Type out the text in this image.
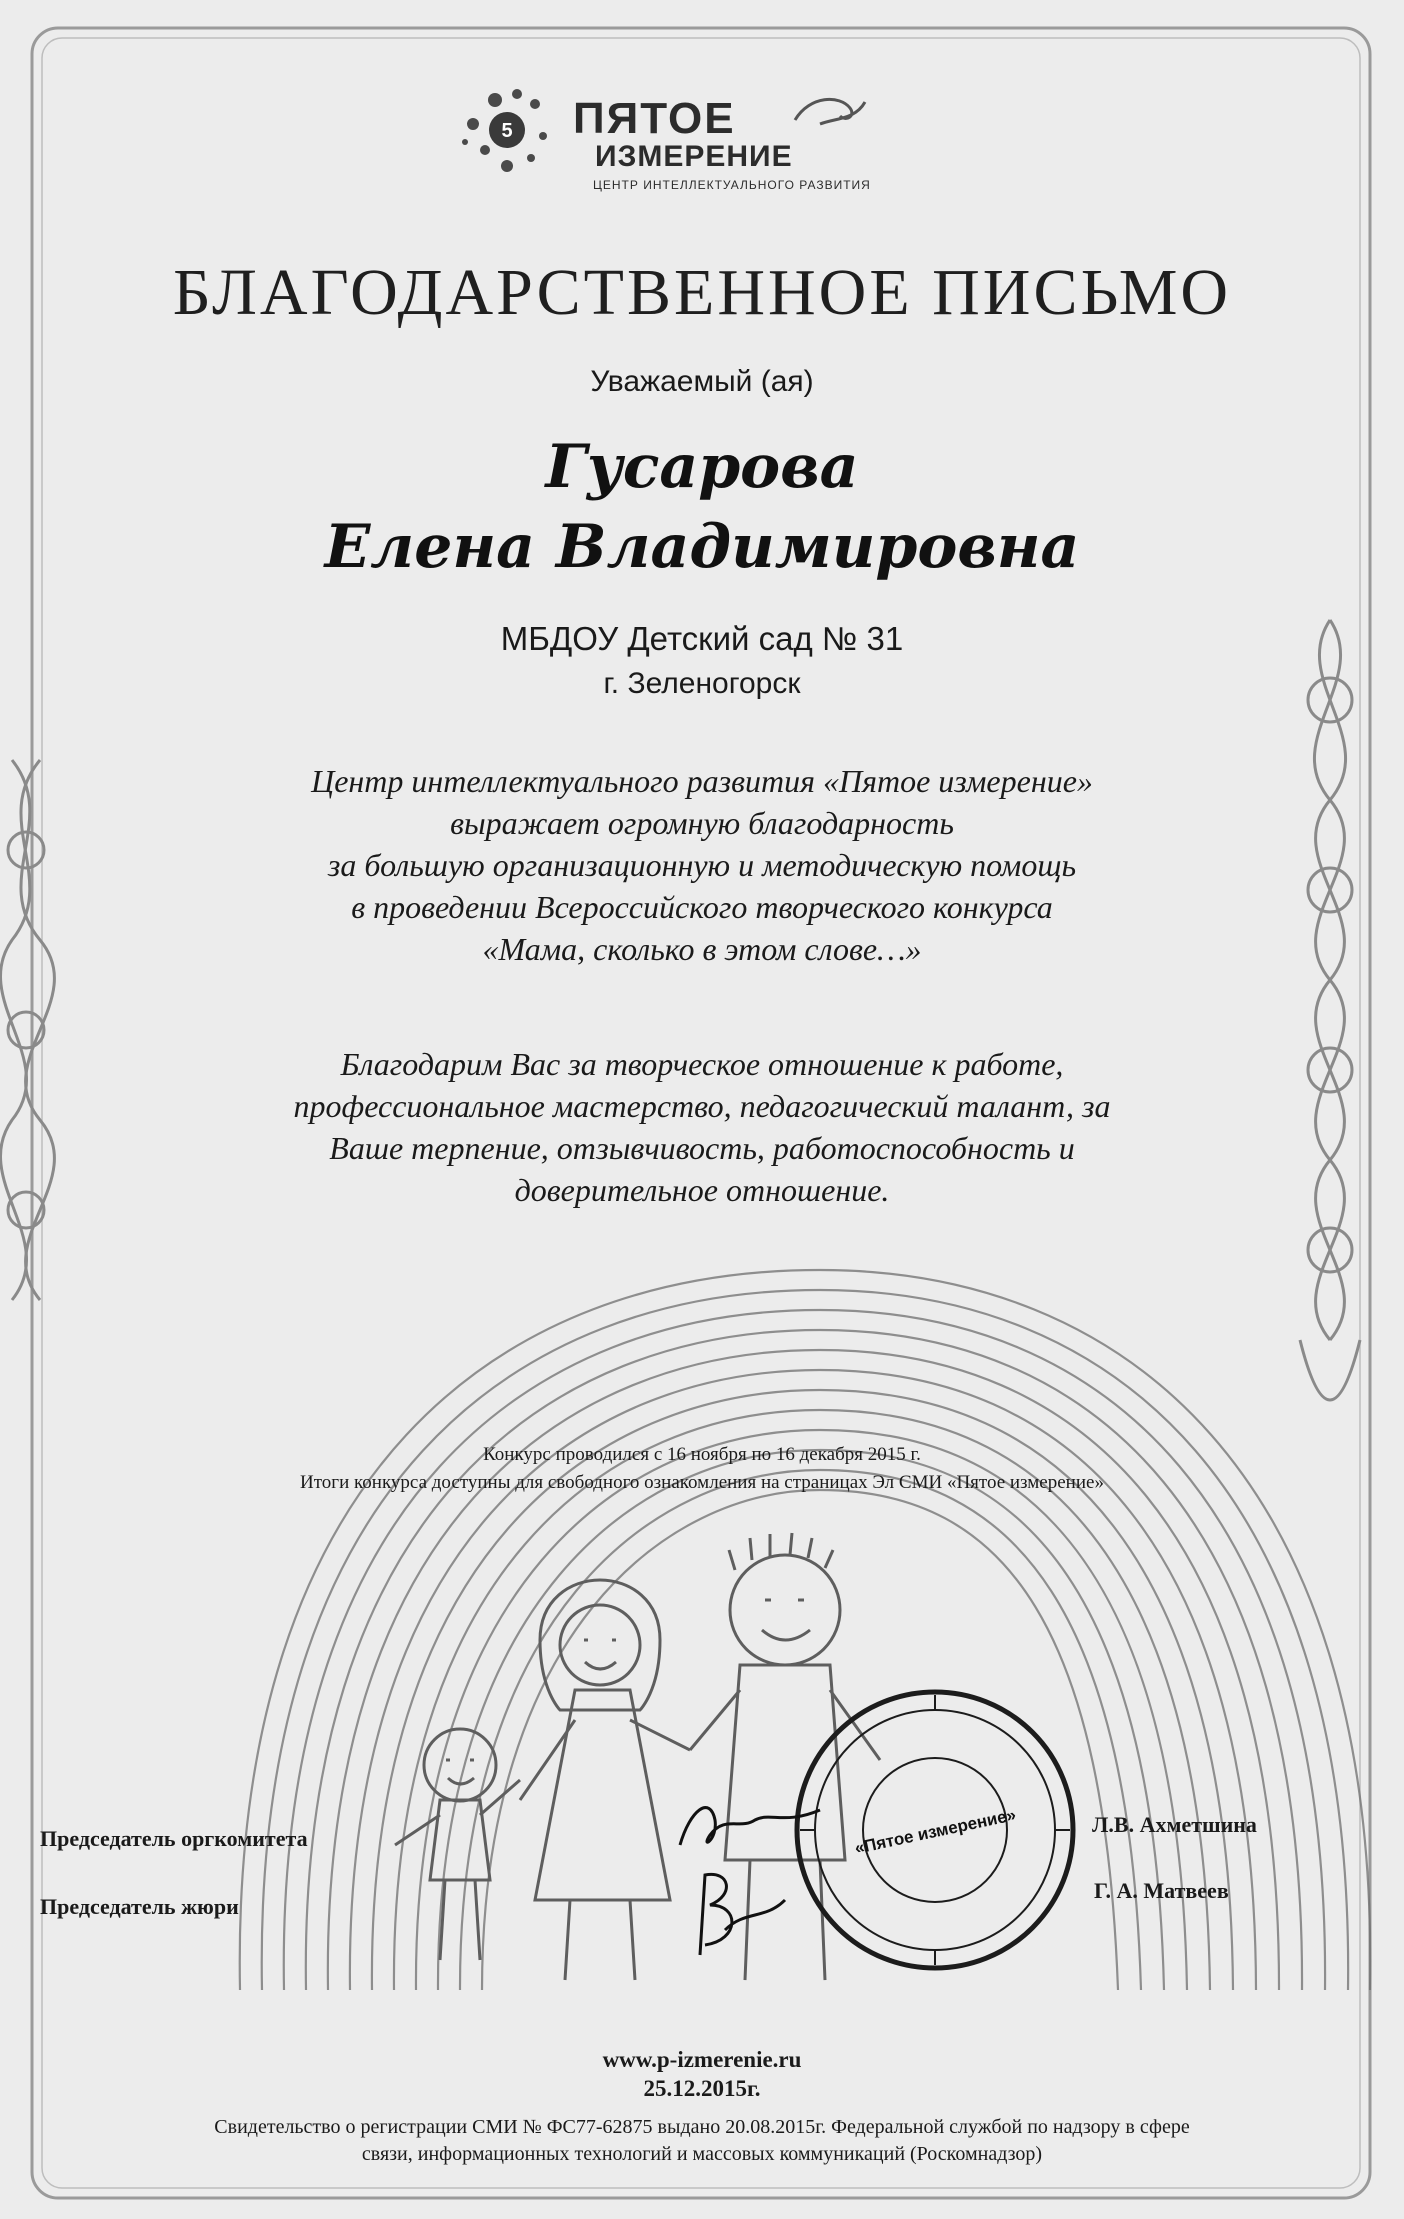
5 ПЯТОЕ
ИЗМЕРЕНИЕ
ЦЕНТР ИНТЕЛЛЕКТУАЛЬНОГО РАЗВИТИЯ
БЛАГОДАРСТВЕННОЕ ПИСЬМО
Уважаемый (ая)
Гусарова
Елена Владимировна
МБДОУ Детский сад № 31
г. Зеленогорск
Центр интеллектуального развития «Пятое измерение»
выражает огромную благодарность
за большую организационную и методическую помощь
в проведении Всероссийского творческого конкурса
«Мама, сколько в этом слове…»
Благодарим Вас за творческое отношение к работе,
профессиональное мастерство, педагогический талант, за
Ваше терпение, отзывчивость, работоспособность и
доверительное отношение.
Конкурс проводился с 16 ноября по 16 декабря 2015 г.
Итоги конкурса доступны для свободного ознакомления на страницах Эл СМИ «Пятое измерение»
«Пятое измерение»
Председатель оргкомитета
Председатель жюри
Л.В. Ахметшина
Г. А. Матвеев
www.p-izmerenie.ru
25.12.2015г.
Свидетельство о регистрации СМИ № ФС77-62875 выдано 20.08.2015г. Федеральной службой по надзору в сфере
связи, информационных технологий и массовых коммуникаций (Роскомнадзор)
